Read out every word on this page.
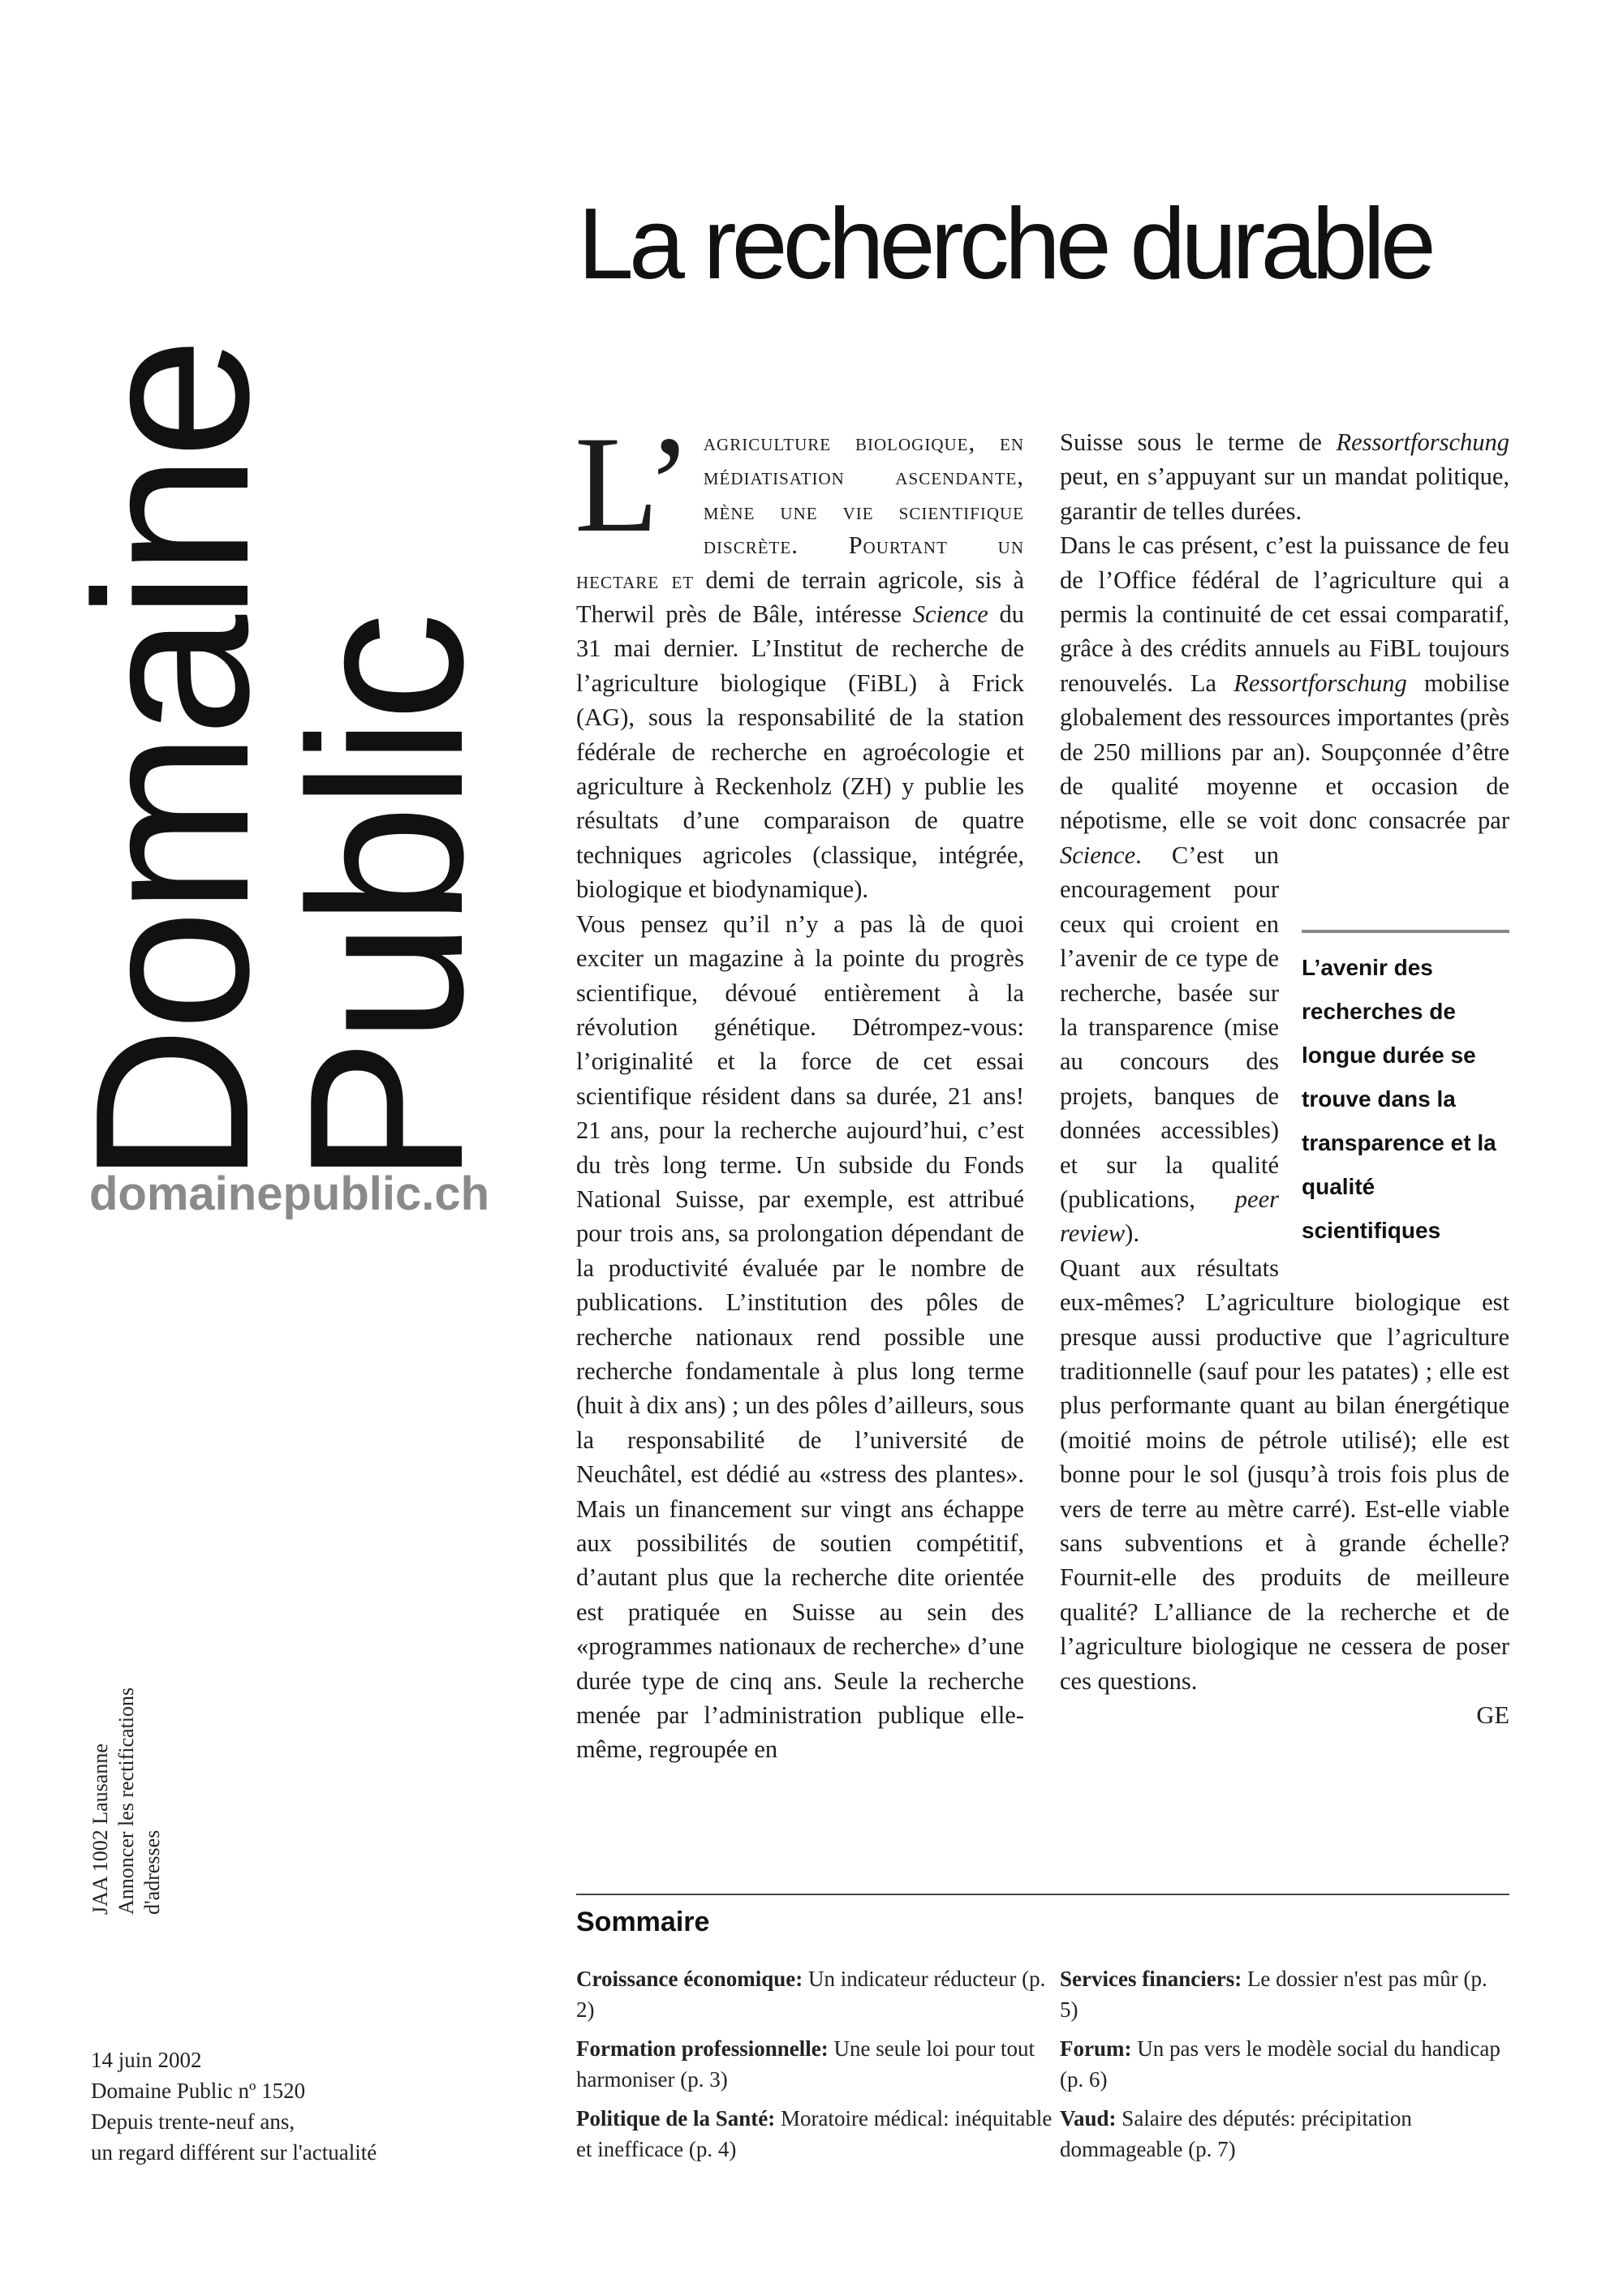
Domaine
Public
domainepublic.ch
JAA 1002 Lausanne Annoncer les rectifications d'adresses
14 juin 2002
Domaine Public nº 1520
Depuis trente-neuf ans,
un regard différent sur l'actualité
La recherche durable

L’ agriculture biologique, en médiatisation ascendante, mène une vie scientifique discrète. Pourtant un hectare et demi de terrain agricole, sis à Therwil près de Bâle, intéresse Science du 31 mai dernier. L’Institut de recherche de l’agriculture biologique (FiBL) à Frick (AG), sous la responsabilité de la station fédérale de recherche en agroécologie et agriculture à Reckenholz (ZH) y publie les résultats d’une comparaison de quatre techniques agricoles (classique, intégrée, biologique et biodynamique).

Vous pensez qu’il n’y a pas là de quoi exciter un magazine à la pointe du progrès scientifique, dévoué entièrement à la révolution génétique. Détrompez-vous: l’originalité et la force de cet essai scientifique résident dans sa durée, 21 ans! 21 ans, pour la recherche aujourd’hui, c’est du très long terme. Un subside du Fonds National Suisse, par exemple, est attribué pour trois ans, sa prolongation dépendant de la productivité évaluée par le nombre de publications. L’institution des pôles de recherche nationaux rend possible une recherche fondamentale à plus long terme (huit à dix ans) ; un des pôles d’ailleurs, sous la responsabilité de l’université de Neuchâtel, est dédié au «stress des plantes». Mais un financement sur vingt ans échappe aux possibilités de soutien compétitif, d’autant plus que la recherche dite orientée est pratiquée en Suisse au sein des «programmes nationaux de recherche» d’une durée type de cinq ans. Seule la recherche menée par l’administration publique elle-même, regroupée en

Suisse sous le terme de Ressortforschung peut, en s’appuyant sur un mandat politique, garantir de telles durées.

Dans le cas présent, c’est la puissance de feu de l’Office fédéral de l’agriculture qui a permis la continuité de cet essai comparatif, grâce à des crédits annuels au FiBL toujours renouvelés. La Ressortforschung mobilise globalement des ressources importantes (près de 250 millions par an). Soupçonnée d’être de qualité moyenne et occasion de népotisme, elle se voit donc consacrée par Science
. C’est un encouragement pour ceux qui croient en l’avenir de ce type de recherche, basée sur la transparence (mise au concours des projets, banques de données accessibles) et sur la qualité (publications, peer review).

Quant aux résultats eux-mêmes? L’agriculture biologique est presque aussi productive que l’agriculture traditionnelle (sauf pour les patates) ; elle est plus performante quant au bilan énergétique (moitié moins de pétrole utilisé); elle est bonne pour le sol (jusqu’à trois fois plus de vers de terre au mètre carré). Est-elle viable sans subventions et à grande échelle? Fournit-elle des produits de meilleure qualité? L’alliance de la recherche et de l’agriculture biologique ne cessera de poser ces questions.

GE

L’avenir des recherches de longue durée se trouve dans la transparence et la qualité scientifiques
Sommaire
Croissance économique: Un indicateur réducteur (p. 2)
Services financiers: Le dossier n'est pas mûr (p. 5)
Formation professionnelle: Une seule loi pour tout harmoniser (p. 3)
Forum: Un pas vers le modèle social du handicap (p. 6)
Politique de la Santé: Moratoire médical: inéquitable et inefficace (p. 4)
Vaud: Salaire des députés: précipitation dommageable (p. 7)
